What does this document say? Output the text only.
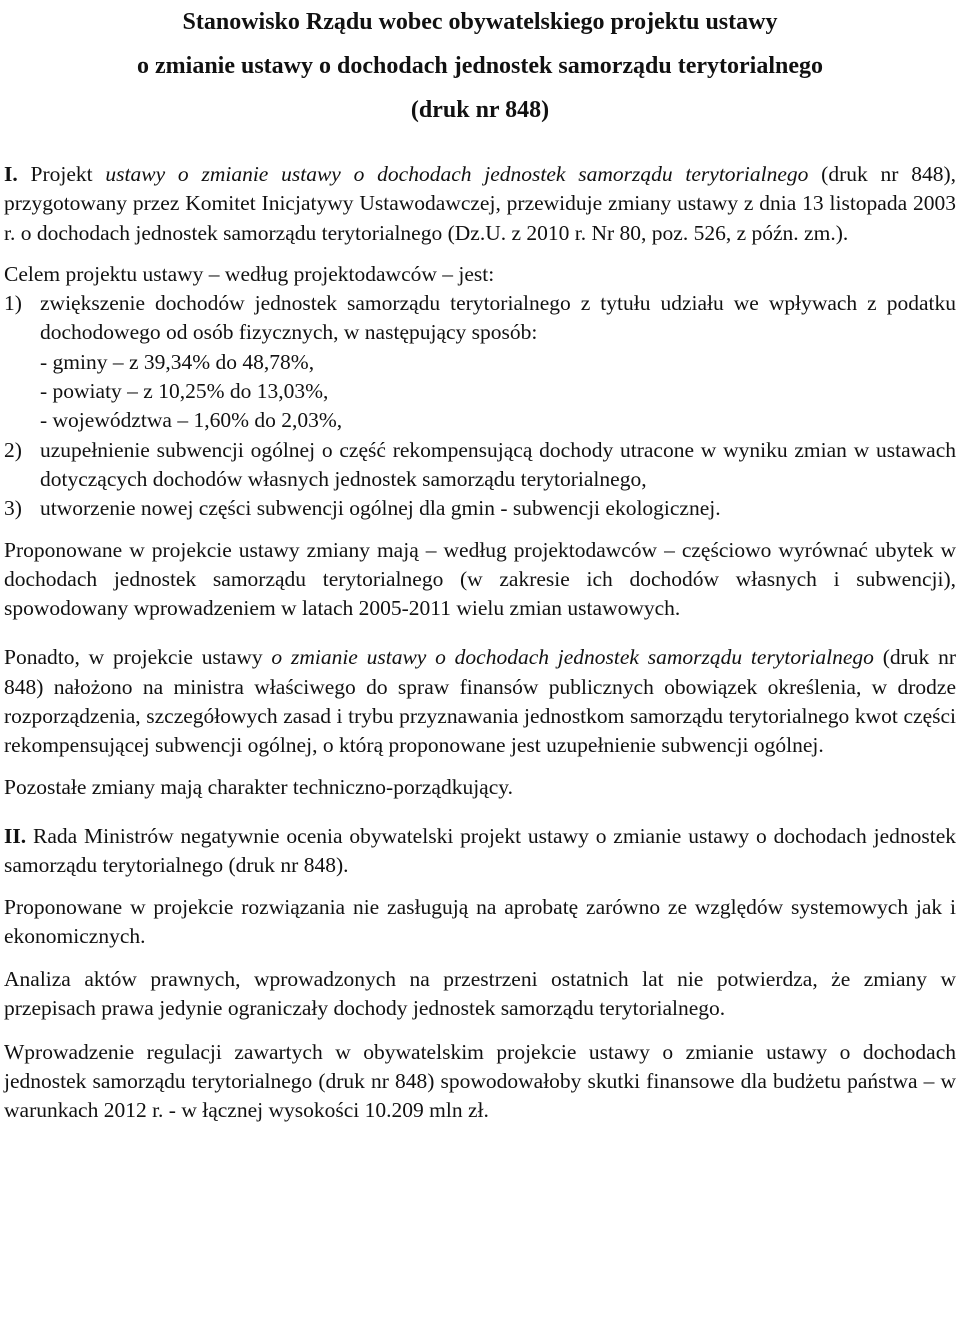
Stanowisko Rządu wobec obywatelskiego projektu ustawy

o zmianie ustawy o dochodach jednostek samorządu terytorialnego

(druk nr 848)

I. Projekt ustawy o zmianie ustawy o dochodach jednostek samorządu terytorialnego (druk nr 848), przygotowany przez Komitet Inicjatywy Ustawodawczej, przewiduje zmiany ustawy z dnia 13 listopada 2003 r. o dochodach jednostek samorządu terytorialnego (Dz.U. z 2010 r. Nr 80, poz. 526, z późn. zm.).

Celem projektu ustawy – według projektodawców – jest:

1) zwiększenie dochodów jednostek samorządu terytorialnego z tytułu udziału we wpływach z podatku dochodowego od osób fizycznych, w następujący sposób:
- gminy – z 39,34% do 48,78%,
- powiaty – z 10,25% do 13,03%,
- województwa – 1,60% do 2,03%,
2) uzupełnienie subwencji ogólnej o część rekompensującą dochody utracone w wyniku zmian w ustawach dotyczących dochodów własnych jednostek samorządu terytorialnego,
3) utworzenie nowej części subwencji ogólnej dla gmin - subwencji ekologicznej.

Proponowane w projekcie ustawy zmiany mają – według projektodawców – częściowo wyrównać ubytek w dochodach jednostek samorządu terytorialnego (w zakresie ich dochodów własnych i subwencji), spowodowany wprowadzeniem w latach 2005-2011 wielu zmian ustawowych.

Ponadto, w projekcie ustawy o zmianie ustawy o dochodach jednostek samorządu terytorialnego (druk nr 848) nałożono na ministra właściwego do spraw finansów publicznych obowiązek określenia, w drodze rozporządzenia, szczegółowych zasad i trybu przyznawania jednostkom samorządu terytorialnego kwot części rekompensującej subwencji ogólnej, o którą proponowane jest uzupełnienie subwencji ogólnej.

Pozostałe zmiany mają charakter techniczno-porządkujący.

II. Rada Ministrów negatywnie ocenia obywatelski projekt ustawy o zmianie ustawy o dochodach jednostek samorządu terytorialnego (druk nr 848).

Proponowane w projekcie rozwiązania nie zasługują na aprobatę zarówno ze względów systemowych jak i ekonomicznych.

Analiza aktów prawnych, wprowadzonych na przestrzeni ostatnich lat nie potwierdza, że zmiany w przepisach prawa jedynie ograniczały dochody jednostek samorządu terytorialnego.

Wprowadzenie regulacji zawartych w obywatelskim projekcie ustawy o zmianie ustawy o dochodach jednostek samorządu terytorialnego (druk nr 848) spowodowałoby skutki finansowe dla budżetu państwa – w warunkach 2012 r. - w łącznej wysokości 10.209 mln zł.
